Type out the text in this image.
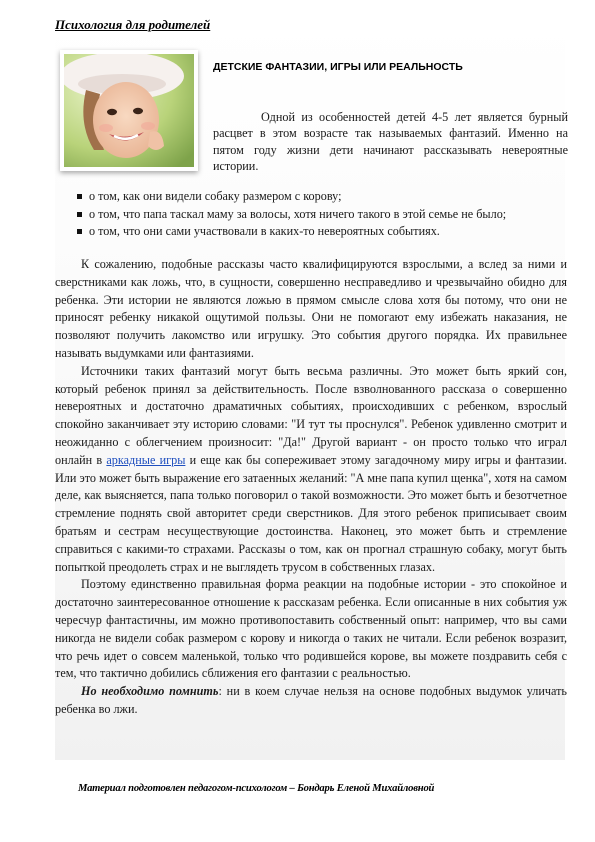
Психология для родителей
ДЕТСКИЕ ФАНТАЗИИ, ИГРЫ ИЛИ РЕАЛЬНОСТЬ

Одной из особенностей детей 4-5 лет является бурный расцвет в этом возрасте так называемых фантазий. Именно на пятом году жизни дети начинают рассказывать невероятные истории.

о том, как они видели собаку размером с корову;
о том, что папа таскал маму за волосы, хотя ничего такого в этой семье не было;
о том, что они сами участвовали в каких-то невероятных событиях.

К сожалению, подобные рассказы часто квалифицируются взрослыми, а вслед за ними и сверстниками как ложь, что, в сущности, совершенно несправедливо и чрезвычайно обидно для ребенка. Эти истории не являются ложью в прямом смысле слова хотя бы потому, что они не приносят ребенку никакой ощутимой пользы. Они не помогают ему избежать наказания, не позволяют получить лакомство или игрушку. Это события другого порядка. Их правильнее называть выдумками или фантазиями.

Источники таких фантазий могут быть весьма различны. Это может быть яркий сон, который ребенок принял за действительность. После взволнованного рассказа о совершенно невероятных и достаточно драматичных событиях, происходивших с ребенком, взрослый спокойно заканчивает эту историю словами: "И тут ты проснулся". Ребенок удивленно смотрит и неожиданно с облегчением произносит: "Да!" Другой вариант - он просто только что играл онлайн в аркадные игры и еще как бы сопереживает этому загадочному миру игры и фантазии. Или это может быть выражение его затаенных желаний: "А мне папа купил щенка", хотя на самом деле, как выясняется, папа только поговорил о такой возможности. Это может быть и безотчетное стремление поднять свой авторитет среди сверстников. Для этого ребенок приписывает своим братьям и сестрам несуществующие достоинства. Наконец, это может быть и стремление справиться с какими-то страхами. Рассказы о том, как он прогнал страшную собаку, могут быть попыткой преодолеть страх и не выглядеть трусом в собственных глазах.

Поэтому единственно правильная форма реакции на подобные истории - это спокойное и достаточно заинтересованное отношение к рассказам ребенка. Если описанные в них события уж чересчур фантастичны, им можно противопоставить собственный опыт: например, что вы сами никогда не видели собак размером с корову и никогда о таких не читали. Если ребенок возразит, что речь идет о совсем маленькой, только что родившейся корове, вы можете поздравить себя с тем, что тактично добились сближения его фантазии с реальностью.

Но необходимо помнить: ни в коем случае нельзя на основе подобных выдумок уличать ребенка во лжи.

Материал подготовлен педагогом-психологом – Бондарь Еленой Михайловной
